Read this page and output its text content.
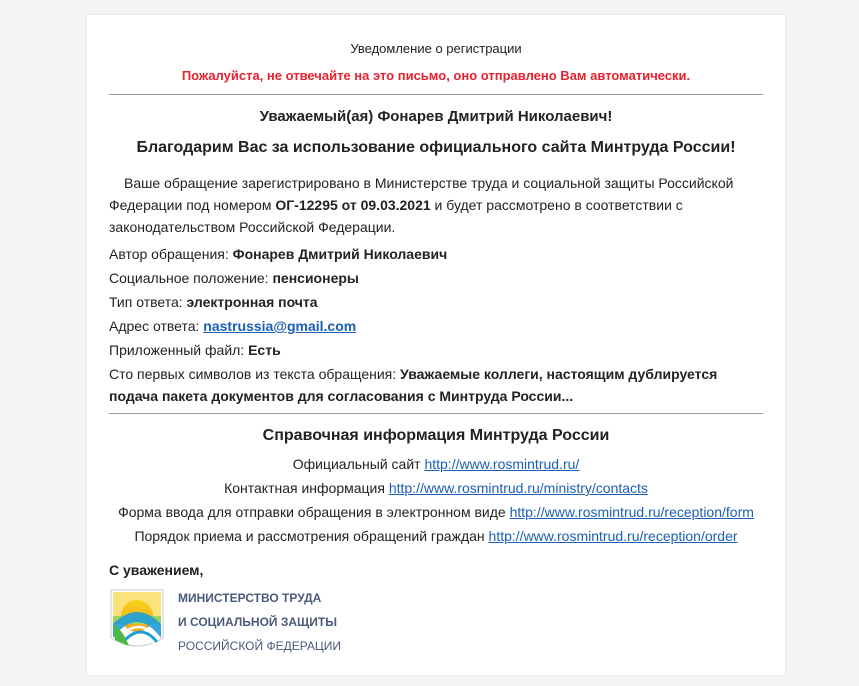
Уведомление о регистрации
Пожалуйста, не отвечайте на это письмо, оно отправлено Вам автоматически.
Уважаемый(ая) Фонарев Дмитрий Николаевич!
Благодарим Вас за использование официального сайта Минтруда России!
Ваше обращение зарегистрировано в Министерстве труда и социальной защиты Российской Федерации под номером ОГ-12295 от 09.03.2021 и будет рассмотрено в соответствии с законодательством Российской Федерации.
Автор обращения: Фонарев Дмитрий Николаевич
Социальное положение: пенсионеры
Тип ответа: электронная почта
Адрес ответа: nastrussia@gmail.com
Приложенный файл: Есть
Сто первых символов из текста обращения: Уважаемые коллеги, настоящим дублируется подача пакета документов для согласования с Минтруда России...
Справочная информация Минтруда России
Официальный сайт http://www.rosmintrud.ru/
Контактная информация http://www.rosmintrud.ru/ministry/contacts
Форма ввода для отправки обращения в электронном виде http://www.rosmintrud.ru/reception/form
Порядок приема и рассмотрения обращений граждан http://www.rosmintrud.ru/reception/order
С уважением,
МИНИСТЕРСТВО ТРУДА
И СОЦИАЛЬНОЙ ЗАЩИТЫ
РОССИЙСКОЙ ФЕДЕРАЦИИ
